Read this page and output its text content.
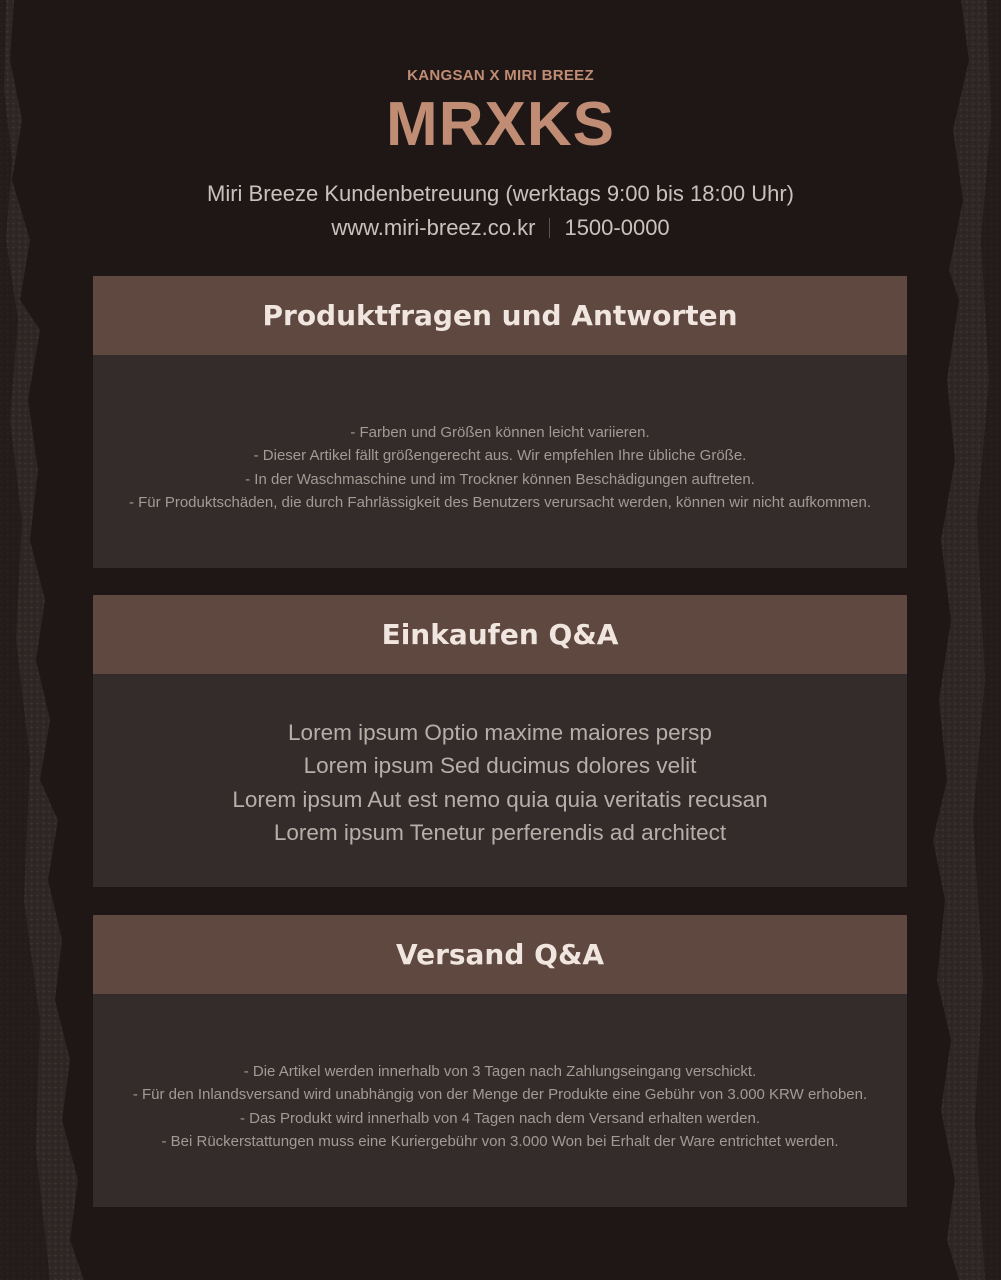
KANGSAN X MIRI BREEZ
MRXKS
Miri Breeze Kundenbetreuung (werktags 9:00 bis 18:00 Uhr)
www.miri-breez.co.kr 1500-0000
Produktfragen und Antworten
- Farben und Größen können leicht variieren.
- Dieser Artikel fällt größengerecht aus. Wir empfehlen Ihre übliche Größe.
- In der Waschmaschine und im Trockner können Beschädigungen auftreten.
- Für Produktschäden, die durch Fahrlässigkeit des Benutzers verursacht werden, können wir nicht aufkommen.
Einkaufen Q&A
Lorem ipsum Optio maxime maiores persp
Lorem ipsum Sed ducimus dolores velit
Lorem ipsum Aut est nemo quia quia veritatis recusan
Lorem ipsum Tenetur perferendis ad architect
Versand Q&A
- Die Artikel werden innerhalb von 3 Tagen nach Zahlungseingang verschickt.
- Für den Inlandsversand wird unabhängig von der Menge der Produkte eine Gebühr von 3.000 KRW erhoben.
- Das Produkt wird innerhalb von 4 Tagen nach dem Versand erhalten werden.
- Bei Rückerstattungen muss eine Kuriergebühr von 3.000 Won bei Erhalt der Ware entrichtet werden.
